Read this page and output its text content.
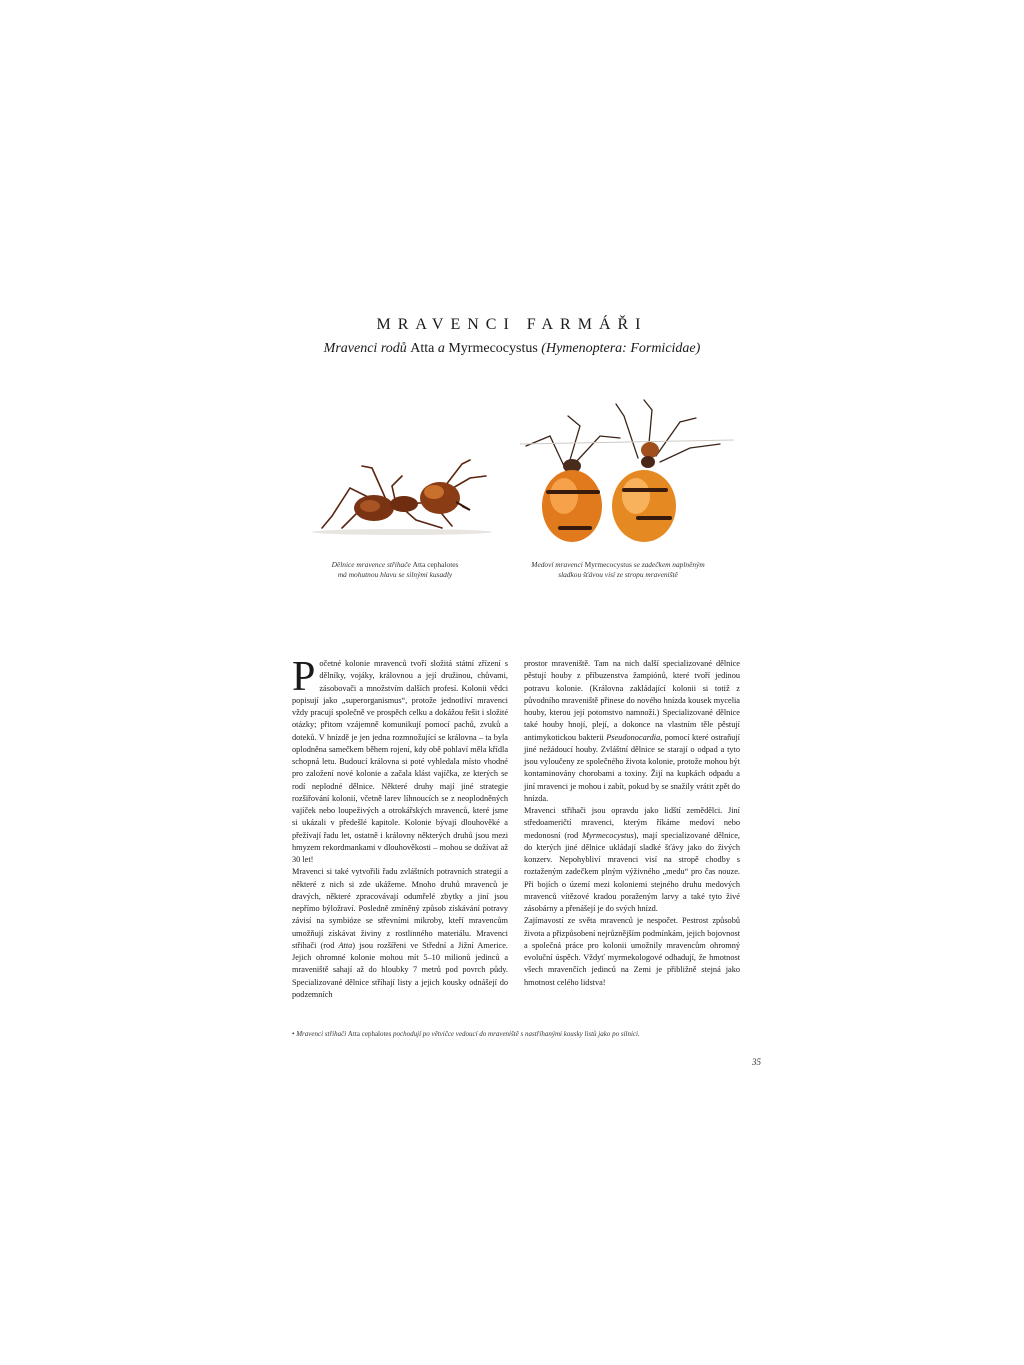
MRAVENCI FARMÁŘI

Mravenci rodů Atta a Myrmecocystus (Hymenoptera: Formicidae)

Dělnice mravence střihače Atta cephalotes
má mohutnou hlavu se silnými kusadly
Medoví mravenci Myrmecocystus se zadečkem naplněným
sladkou šťávou visí ze stropu mraveniště

Početné kolonie mravenců tvoří složitá státní zřízení s dělníky, vojáky, královnou a její družinou, chůvami, zásobovači a množstvím dalších profesí. Kolonii vědci popisují jako „superorganismus“, protože jednotliví mravenci vždy pracují společně ve prospěch celku a dokážou řešit i složité otázky; přitom vzájemně komunikují pomocí pachů, zvuků a doteků. V hnízdě je jen jedna rozmnožující se královna – ta byla oplodněna samečkem během rojení, kdy obě pohlaví měla křídla schopná letu. Budoucí královna si poté vyhledala místo vhodné pro založení nové kolonie a začala klást vajíčka, ze kterých se rodí neplodné dělnice. Některé druhy mají jiné strategie rozšiřování kolonií, včetně larev líhnoucích se z neoplodněných vajíček nebo loupeživých a otrokářských mravenců, které jsme si ukázali v předešlé kapitole. Kolonie bývají dlouhověké a přežívají řadu let, ostatně i královny některých druhů jsou mezi hmyzem rekordmankami v dlouhověkosti – mohou se dožívat až 30 let!

Mravenci si také vytvořili řadu zvláštních potravních strategií a některé z nich si zde ukážeme. Mnoho druhů mravenců je dravých, některé zpracovávají odumřelé zbytky a jiní jsou nepřímo býložraví. Posledně zmíněný způsob získávání potravy závisí na symbióze se střevními mikroby, kteří mravencům umožňují získávat živiny z rostlinného materiálu. Mravenci střihači (rod Atta) jsou rozšířeni ve Střední a Jižní Americe. Jejich ohromné kolonie mohou mít 5–10 milionů jedinců a mraveniště sahají až do hloubky 7 metrů pod povrch půdy. Specializované dělnice stříhají listy a jejich kousky odnášejí do podzemních

prostor mraveniště. Tam na nich další specializované dělnice pěstují houby z příbuzenstva žampiónů, které tvoří jedinou potravu kolonie. (Královna zakládající kolonii si totiž z původního mraveniště přinese do nového hnízda kousek mycelia houby, kterou její potomstvo namnoží.) Specializované dělnice také houby hnojí, plejí, a dokonce na vlastním těle pěstují antimykotickou bakterii Pseudonocardia, pomocí které ostraňují jiné nežádoucí houby. Zvláštní dělnice se starají o odpad a tyto jsou vyloučeny ze společného života kolonie, protože mohou být kontaminovány chorobami a toxiny. Žijí na kupkách odpadu a jiní mravenci je mohou i zabít, pokud by se snažily vrátit zpět do hnízda.

Mravenci střihači jsou opravdu jako lidští zemědělci. Jiní středoameričtí mravenci, kterým říkáme medoví nebo medonosní (rod Myrmecocystus), mají specializované dělnice, do kterých jiné dělnice ukládají sladké šťávy jako do živých konzerv. Nepohybliví mravenci visí na stropě chodby s roztaženým zadečkem plným výživného „medu“ pro čas nouze. Při bojích o území mezi koloniemi stejného druhu medových mravenců vítězové kradou poraženým larvy a také tyto živé zásobárny a přenášejí je do svých hnízd.

Zajímavostí ze světa mravenců je nespočet. Pestrost způsobů života a přizpůsobení nejrůznějším podmínkám, jejich bojovnost a společná práce pro kolonii umožnily mravencům ohromný evoluční úspěch. Vždyť myrmekologové odhadují, že hmotnost všech mravenčích jedinců na Zemi je přibližně stejná jako hmotnost celého lidstva!

• Mravenci střihači Atta cephalotes pochodují po větvičce vedoucí do mraveniště s nastříhanými kousky listů jako po silnici.
35
